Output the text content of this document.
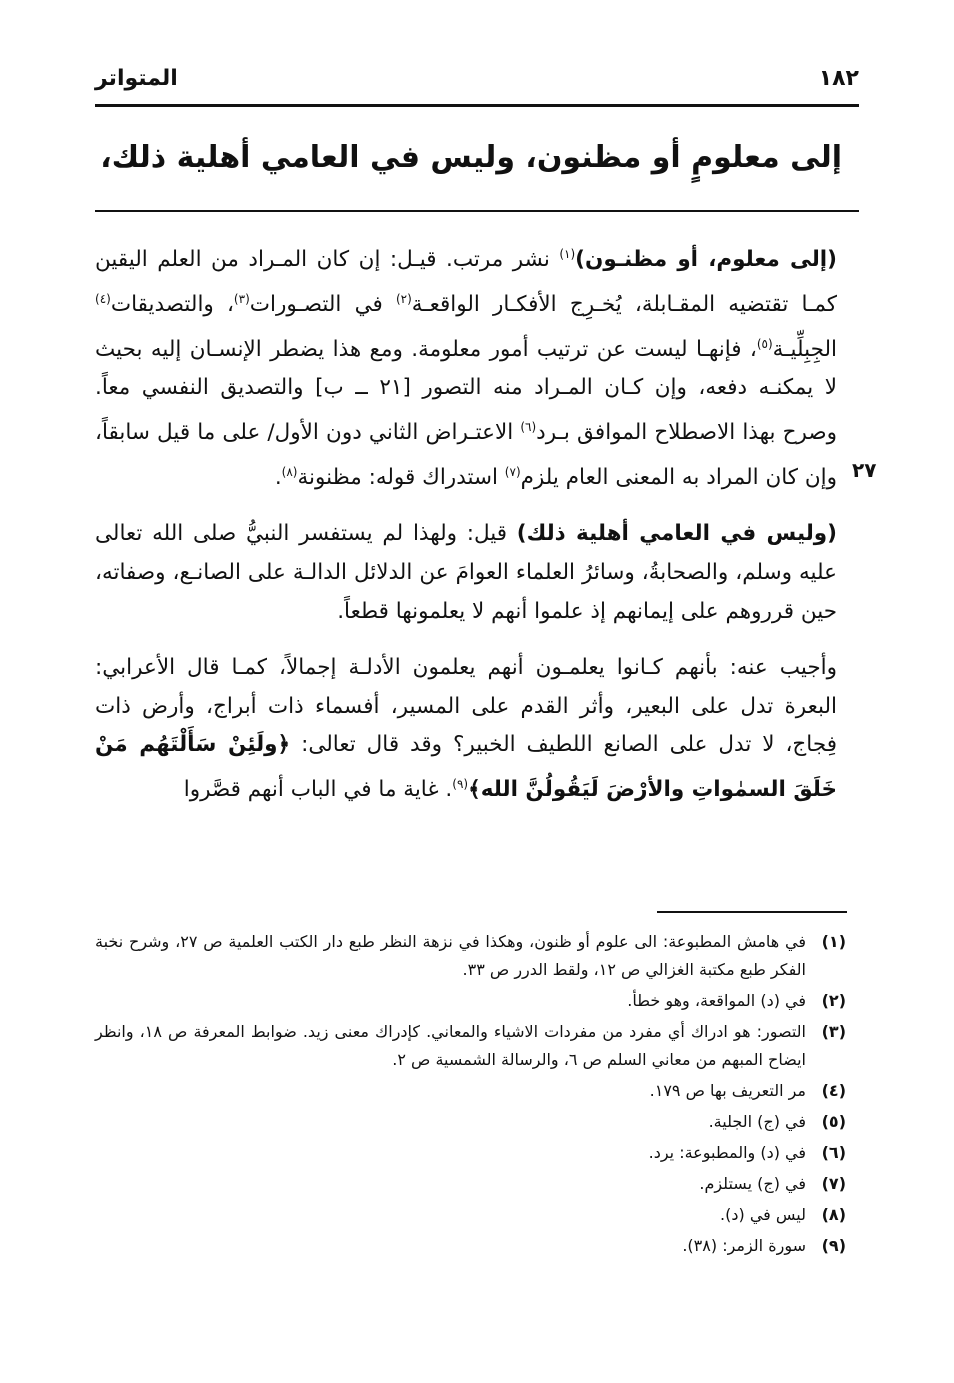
١٨٢
المتواتر
إلى معلومٍ أو مظنون، وليس في العامي أهلية ذلك،
٢٧

(إلى معلوم، أو مظنـون)$^{(١)}$ نشر مرتب. قيـل: إن كان المـراد من العلم اليقين كمـا تقتضيه المقـابلة، يُخـرِج الأفكـار الواقعـة$^{(٢)}$ في التصـورات$^{(٣)}$، والتصديقات$^{(٤)}$ الجِبِلِّيـة$^{(٥)}$، فإنهـا ليست عن ترتيب أمور معلومة. ومع هذا يضطر الإنسـان إليه بحيث لا يمكنـه دفعه، وإن كـان المـراد منه التصور [٢١ ــ ب] والتصديق النفسي معاً. وصرح بهذا الاصطلاح الموافق بـرد$^{(٦)}$ الاعتـراض الثاني دون الأول/ على ما قيل سابقاً، وإن كان المراد به المعنى العام يلزم$^{(٧)}$ استدراك قوله: مظنونة$^{(٨)}$.

(وليس في العامي أهلية ذلك) قيل: ولهذا لم يستفسر النبيُّ صلى الله تعالى عليه وسلم، والصحابةُ، وسائرُ العلماء العوامَ عن الدلائل الدالـة على الصانـع، وصفاته، حين قرروهم على إيمانهم إذ علموا أنهم لا يعلمونها قطعاً.

وأجيب عنه: بأنهم كـانوا يعلمـون أنهم يعلمون الأدلـة إجمالاً، كمـا قال الأعرابي: البعرة تدل على البعير، وأثر القدم على المسير، أفسماء ذات أبراج، وأرض ذات فِجاج، لا تدل على الصانع اللطيف الخبير؟ وقد قال تعالى: ﴿ولَئِنْ سَأَلْتَهُم مَنْ خَلَقَ السمٰواتِ والأرْضَ لَيَقُولُنَّ الله﴾$^{(٩)}$. غاية ما في الباب أنهم قصَّروا

(١)
في هامش المطبوعة: الى علوم أو ظنون، وهكذا في نزهة النظر طبع دار الكتب العلمية ص ٢٧، وشرح نخبة الفكر طبع مكتبة الغزالي ص ١٢، ولقط الدرر ص ٣٣.
(٢)
في (د) المواقعة، وهو خطأ.
(٣)
التصور: هو ادراك أي مفرد من مفردات الاشياء والمعاني. كإدراك معنى زيد. ضوابط المعرفة ص ١٨، وانظر ايضاح المبهم من معاني السلم ص ٦، والرسالة الشمسية ص ٢.
(٤)
مر التعريف بها ص ١٧٩.
(٥)
في (ج) الجلية.
(٦)
في (د) والمطبوعة: يرد.
(٧)
في (ج) يستلزم.
(٨)
ليس في (د).
(٩)
سورة الزمر: (٣٨).
